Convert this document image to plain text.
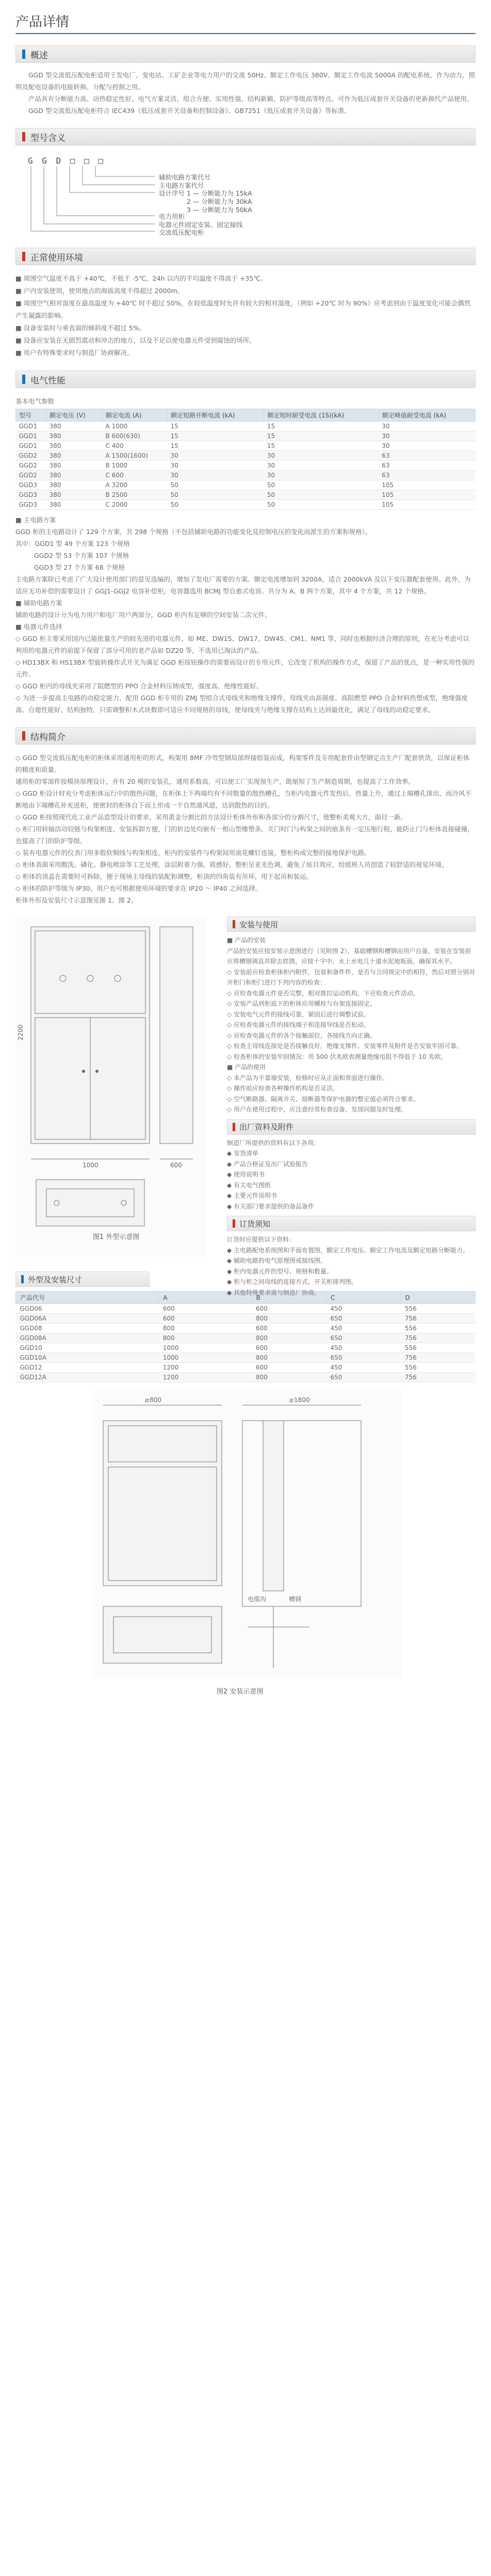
产品详情
概述

GGD 型交流低压配电柜适用于发电厂、变电站、工矿企业等电力用户的交流 50Hz、额定工作电压 380V、额定工作电流 5000A 的配电系统，作为动力、照明及配电设备的电能转换、分配与控制之用。

产品具有分断能力高、动热稳定性好、电气方案灵活、组合方便、实用性强、结构新颖、防护等级高等特点。可作为低压成套开关设备的更新换代产品使用。

GGD 型交流低压配电柜符合 IEC439《低压成套开关设备和控制设备》、GB7251《低压成套开关设备》等标准。

型号含义
G G D □ □ □
辅助电路方案代号
主电路方案代号
设计序号 1 — 分断能力为 15kA
2 — 分断能力为 30kA
3 — 分断能力为 50kA
电力用柜
电器元件固定安装、固定接线
交流低压配电柜
正常使用环境

■ 周围空气温度不高于 +40℃，不低于 -5℃，24h 以内的平均温度不得高于 +35℃。

■ 户内安装使用，使用地点的海拔高度不得超过 2000m。

■ 周围空气相对湿度在最高温度为 +40℃ 时不超过 50%，在较低温度时允许有较大的相对湿度，（例如 +20℃ 时为 90%）应考虑到由于温度变化可能会偶然产生凝露的影响。

■ 设备安装时与垂直面的倾斜度不超过 5%。

■ 设备应安装在无剧烈震动和冲击的地方，以及不足以使电器元件受到腐蚀的场所。

■ 用户有特殊要求时与制造厂协商解决。

电气性能
基本电气参数
型号	额定电压 (V)	额定电流 (A)	额定短路开断电流 (kA)	额定短时耐受电流 (1S)(kA)	额定峰值耐受电流 (kA)
GGD1	380	A 1000	15	15	30
GGD1	380	B 600(630)	15	15	30
GGD1	380	C 400	15	15	30
GGD2	380	A 1500(1600)	30	30	63
GGD2	380	B 1000	30	30	63
GGD2	380	C 600	30	30	63
GGD3	380	A 3200	50	50	105
GGD3	380	B 2500	50	50	105
GGD3	380	C 2000	50	50	105

■ 主电路方案

GGD 柜的主电路设计了 129 个方案，共 298 个规格（不包括辅助电路的功能变化及控制电压的变化而派生的方案和规格）。

其中：GGD1 型 49 个方案 123 个规格

GGD2 型 53 个方案 107 个规格

GGD3 型 27 个方案 68 个规格

主电路方案除已考虑了广大设计使用部门的意见选编的，增加了发电厂需要的方案。额定电流增加到 3200A，适合 2000kVA 及以下变压器配套使用。此外，为适应无功补偿的需要设计了 GGJ1-GGJ2 电容补偿柜，电容器选用 BCMJ 型自愈式电容。共分为 A、B 两个方案，其中 4 个方案，共 12 个规格。

■ 辅助电路方案

辅助电路的设计分为电力用户和电厂用户两部分，GGD 柜内有足够的空间安装二次元件。

■ 电器元件选择

◇ GGD 柜主要采用国内已能批量生产的较先进的电器元件，如 ME、DW15、DW17、DW45、CM1、NM1 等，同时也根据经济合理的原则，在充分考虑可以利用的电器元件的前提下保留了部分可用的老产品如 DZ20 等，不选用已淘汰的产品。

◇ HD13BX 和 HS13BX 型旋转操作式开关为满足 GGD 柜按钮操作的需要而设计的专用元件，它改变了机构的操作方式，保留了产品的优点，是一种实用性强的元件。

◇ GGD 柜内的母线夹采用了阻燃型的 PPO 合金材料压铸成型，强度高、绝缘性能好。

◇ 为进一步提高主电路的动稳定能力，配用 GGD 柜专用的 ZMJ 型组合式母线夹和绝缘支撑件，母线夹由高强度、高阻燃型 PPO 合金材料热塑成型，绝缘强度高、自熄性能好、结构独特，只需调整积木式块数即可适应不同规格的母线，使母线夹与绝缘支撑在结构上达到最优化，满足了母线的动稳定要求。

结构简介

◇ GGD 型交流低压配电柜的柜体采用通用柜的形式，构架用 8MF 冷弯型钢局部焊接组装而成，构架零件及专用配套件由型钢定点生产厂配套供货，以保证柜体的精度和质量。

通用柜的零部件按模块原理设计，并有 20 模的安装孔，通用系数高，可以使工厂实现预生产，既缩短了生产制造周期，也提高了工作效率。

◇ GGD 柜设计时充分考虑柜体运行中的散热问题，在柜体上下两端均有不同数量的散热槽孔，当柜内电器元件发热后，热量上升，通过上端槽孔排出，而冷风不断地由下端槽孔补充进柜，使密封的柜体自下而上形成一个自然通风道，达到散热的目的。

◇ GGD 柜按照现代化工业产品造型设计的要求，采用黄金分割比的方法设计柜体外形和各部分的分割尺寸，使整柜美观大方，面目一新。

◇ 柜门用转轴活动铰链与构架相连，安装拆卸方便，门的折边处均嵌有一根山型橡塑条，关门时门与构架之间的嵌条有一定压缩行程，能防止门与柜体直接碰撞，也提高了门的防护等级。

◇ 装有电器元件的仪表门用多股软铜线与构架相连，柜内的安装件与构架间用滚花螺钉连接，整柜构成完整的接地保护电路。

◇ 柜体表面采用酸洗、磷化、静电喷涂等工艺处理，涂层附着力强，质感好。整柜呈亚光色调，避免了炫目效应，给值班人员创造了较舒适的视觉环境。

◇ 柜体的顶盖在需要时可拆除，便于现场主母线的装配和调整，柜顶的四角装有吊环，用于起吊和装运。

◇ 柜体的防护等级为 IP30，用户也可根据使用环境的要求在 IP20 ～ IP40 之间选择。

柜体外形及安装尺寸示意图见图 1、图 2。

1000	600
2200
图1 外型示意图
安装与使用

■ 产品的安装

产品的安装应按安装示意图进行（见附图 2），基础槽钢和槽钢由用户自备，安装在安装前应将槽钢调直并除去铁锈，应按十字中，水上水电几十道水泥地板面，确保其水平。

◇ 安装前应检查柜体柜内附件，包装和备件件，是否与合同规定中的相符，然后对照分别对开柜门和柜门进行下列内容的检查：

◇ 应检查电器元件是否完整，相对推拉运动机构，下应检查元件活动。

◇ 安装产品到柜底下的柜体应用螺栓与台架连接固定。

◇ 安装电气元件的接线可靠，紧固后进行调整试验。

◇ 应检查电器元件的接线端子和连接导线是否松动。

◇ 应检查电器元件的各个接触部位，各接线方向正确。

◇ 检查主母线连接处是否接触良好，绝缘支撑件、安装零件及附件是否安装牢固可靠。

◇ 检查柜体的安装牢固情况：用 500 伏兆欧表测量绝缘电阻不得低于 10 兆欧。

■ 产品的使用

◇ 本产品为不靠墙安装，检修时应从正面和背面进行操作。

◇ 操作前应检查各种操作机构是否灵活。

◇ 空气断路器、隔离开关、熔断器等保护电器的整定值必须符合要求。

◇ 用户在使用过程中，应注意经常检查设备，发现问题及时处理。

出厂资料及附件

制造厂所提供的资料有以下各项：

◆ 发货清单

◆ 产品合格证及出厂试验报告

◆ 使用说明书

◆ 有关电气图纸

◆ 主要元件说明书

◆ 有关部门要求提供的备品备件

订货须知

订货时应提供以下资料：

◆ 主电路配电系统图和平面布置图，额定工作电压、额定工作电流及额定短路分断能力。

◆ 辅助电路的电气原理图或接线图。

◆ 柜内电器元件的型号、规格和数量。

◆ 柜与柜之间母线的连接方式，开关柜排列图。

◆ 其他特殊要求需与制造厂协商。

外型及安装尺寸
产品代号	A	B	C	D
GGD06	600	600	450	556
GGD06A	600	800	650	756
GGD08	800	600	450	556
GGD08A	800	800	650	756
GGD10	1000	600	450	556
GGD10A	1000	800	650	756
GGD12	1200	600	450	556
GGD12A	1200	800	650	756
≥800	≥1800
电缆沟	槽钢
图2 安装示意图
